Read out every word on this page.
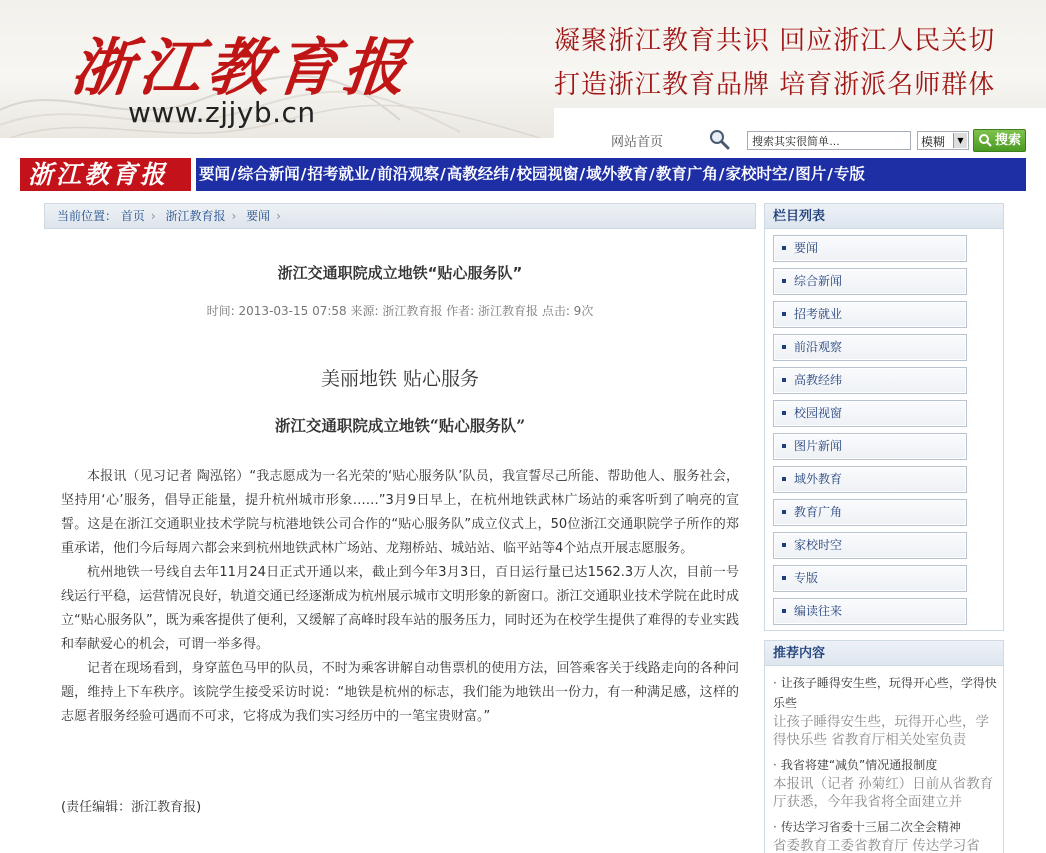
浙江教育报
www.zjjyb.cn
凝聚浙江教育共识 回应浙江人民关切
打造浙江教育品牌 培育浙派名师群体
网站首页
搜索其实很简单…	模糊	▼	搜索
浙江教育报	要闻/综合新闻/招考就业/前沿观察/高教经纬/校园视窗/域外教育/教育广角/家校时空/图片/专版
当前位置： 首页 › 浙江教育报 › 要闻 ›
浙江交通职院成立地铁“贴心服务队”
时间: 2013-03-15 07:58 来源: 浙江教育报 作者: 浙江教育报 点击: 9次
美丽地铁 贴心服务
浙江交通职院成立地铁“贴心服务队”

本报讯（见习记者 陶泓铭）“我志愿成为一名光荣的‘贴心服务队’队员，我宣誓尽己所能、帮助他人、服务社会，坚持用‘心’服务，倡导正能量，提升杭州城市形象……”3月9日早上，在杭州地铁武林广场站的乘客听到了响亮的宣誓。这是在浙江交通职业技术学院与杭港地铁公司合作的“贴心服务队”成立仪式上，50位浙江交通职院学子所作的郑重承诺，他们今后每周六都会来到杭州地铁武林广场站、龙翔桥站、城站站、临平站等4个站点开展志愿服务。

杭州地铁一号线自去年11月24日正式开通以来，截止到今年3月3日，百日运行量已达1562.3万人次，目前一号线运行平稳，运营情况良好，轨道交通已经逐渐成为杭州展示城市文明形象的新窗口。浙江交通职业技术学院在此时成立“贴心服务队”，既为乘客提供了便利，又缓解了高峰时段车站的服务压力，同时还为在校学生提供了难得的专业实践和奉献爱心的机会，可谓一举多得。

记者在现场看到，身穿蓝色马甲的队员，不时为乘客讲解自动售票机的使用方法，回答乘客关于线路走向的各种问题，维持上下车秩序。该院学生接受采访时说：“地铁是杭州的标志，我们能为地铁出一份力，有一种满足感，这样的志愿者服务经验可遇而不可求，它将成为我们实习经历中的一笔宝贵财富。”

(责任编辑：浙江教育报)
栏目列表
要闻
综合新闻
招考就业
前沿观察
高教经纬
校园视窗
图片新闻
域外教育
教育广角
家校时空
专版
编读往来
推荐内容
· 让孩子睡得安生些，玩得开心些，学得快乐些
让孩子睡得安生些，玩得开心些，学得快乐些 省教育厅相关处室负责
· 我省将建“减负”情况通报制度
本报讯（记者 孙菊红）日前从省教育厅获悉，今年我省将全面建立并
· 传达学习省委十三届二次全会精神
省委教育工委省教育厅 传达学习省
